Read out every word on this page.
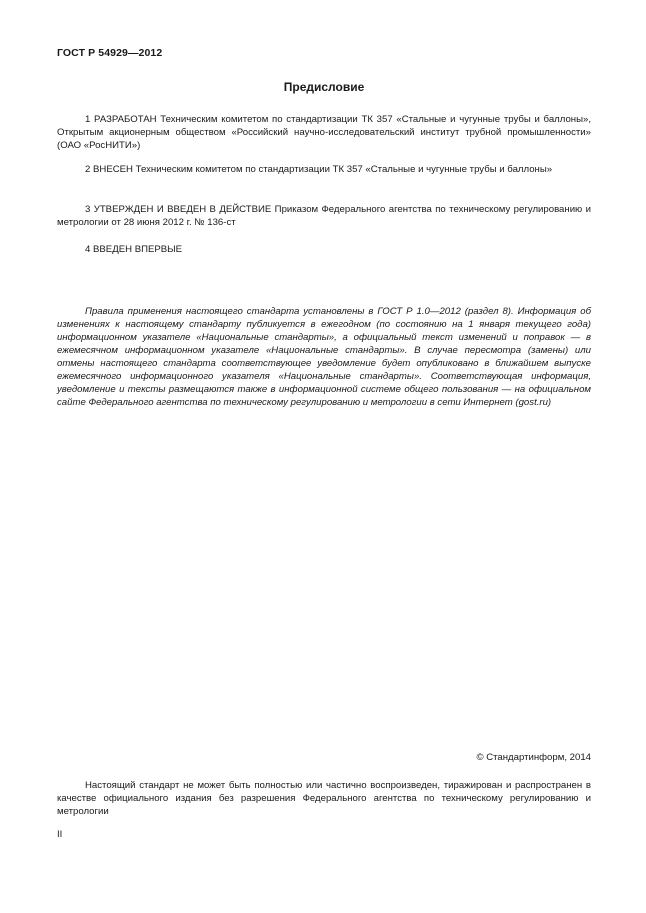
ГОСТ Р 54929—2012
Предисловие

1 РАЗРАБОТАН Техническим комитетом по стандартизации ТК 357 «Стальные и чугунные трубы и баллоны», Открытым акционерным обществом «Российский научно-исследовательский институт трубной промышленности» (ОАО «РосНИТИ»)

2 ВНЕСЕН Техническим комитетом по стандартизации ТК 357 «Стальные и чугунные трубы и баллоны»

3 УТВЕРЖДЕН И ВВЕДЕН В ДЕЙСТВИЕ Приказом Федерального агентства по техническому регулированию и метрологии от 28 июня 2012 г. № 136-ст

4 ВВЕДЕН ВПЕРВЫЕ

Правила применения настоящего стандарта установлены в ГОСТ Р 1.0—2012 (раздел 8). Информация об изменениях к настоящему стандарту публикуется в ежегодном (по состоянию на 1 января текущего года) информационном указателе «Национальные стандарты», а официальный текст изменений и поправок — в ежемесячном информационном указателе «Национальные стандарты». В случае пересмотра (замены) или отмены настоящего стандарта соответствующее уведомление будет опубликовано в ближайшем выпуске ежемесячного информационного указателя «Национальные стандарты». Соответствующая информация, уведомление и тексты размещаются также в информационной системе общего пользования — на официальном сайте Федерального агентства по техническому регулированию и метрологии в сети Интернет (gost.ru)

© Стандартинформ, 2014

Настоящий стандарт не может быть полностью или частично воспроизведен, тиражирован и распространен в качестве официального издания без разрешения Федерального агентства по техническому регулированию и метрологии

II
